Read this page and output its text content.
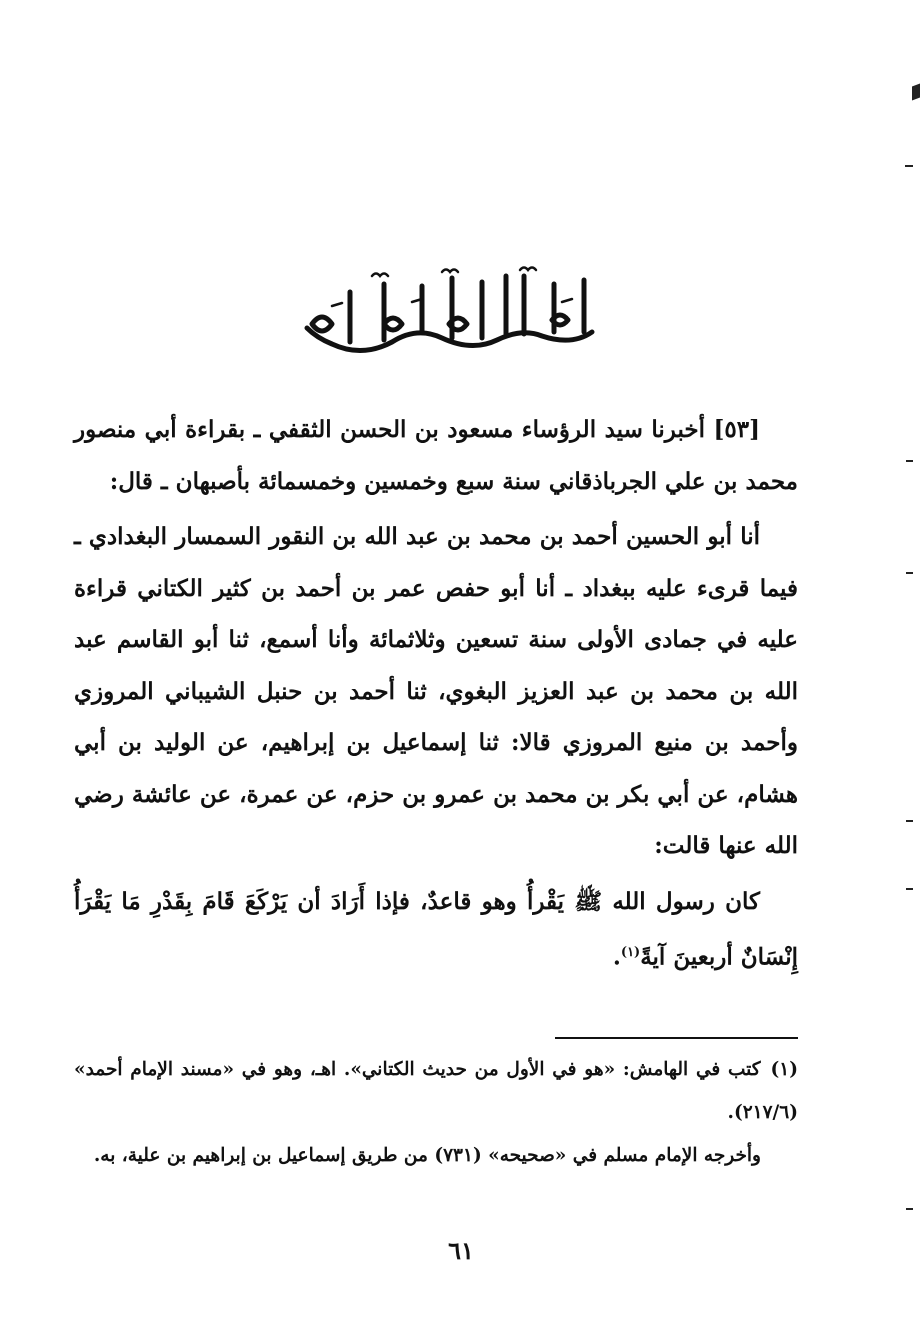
[٥٣] أخبرنا سيد الرؤساء مسعود بن الحسن الثقفي ـ بقراءة أبي منصور محمد بن علي الجرباذقاني سنة سبع وخمسين وخمسمائة بأصبهان ـ قال:

أنا أبو الحسين أحمد بن محمد بن عبد الله بن النقور السمسار البغدادي ـ فيما قرىء عليه ببغداد ـ أنا أبو حفص عمر بن أحمد بن كثير الكتاني قراءة عليه في جمادى الأولى سنة تسعين وثلاثمائة وأنا أسمع، ثنا أبو القاسم عبد الله بن محمد بن عبد العزيز البغوي، ثنا أحمد بن حنبل الشيباني المروزي وأحمد بن منيع المروزي قالا: ثنا إسماعيل بن إبراهيم، عن الوليد بن أبي هشام، عن أبي بكر بن محمد بن عمرو بن حزم، عن عمرة، عن عائشة رضي الله عنها قالت:

كان رسول الله ﷺ يَقْرأُ وهو قاعدٌ، فإذا أَرَادَ أن يَرْكَعَ قَامَ بِقَدْرِ مَا يَقْرَأُ إِنْسَانٌ أربعينَ آيةً$^{(١)}$.

(١)كتب في الهامش: «هو في الأول من حديث الكتاني». اهـ، وهو في «مسند الإمام أحمد» (٢١٧/٦).

وأخرجه الإمام مسلم في «صحيحه» (٧٣١) من طريق إسماعيل بن إبراهيم بن علية، به.

٦١
